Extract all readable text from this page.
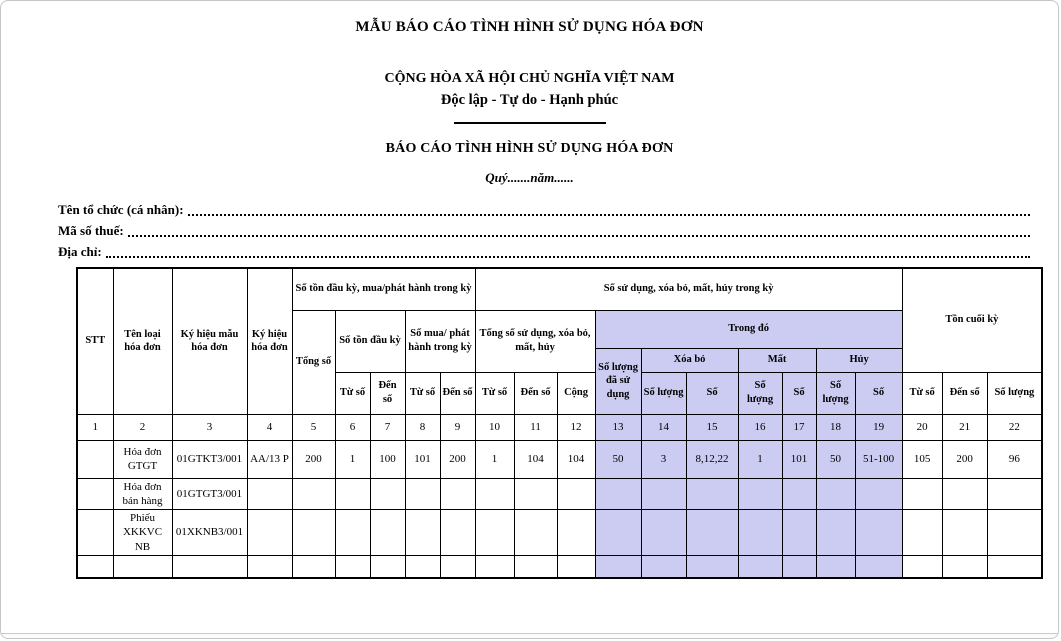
MẪU BÁO CÁO TÌNH HÌNH SỬ DỤNG HÓA ĐƠN
CỘNG HÒA XÃ HỘI CHỦ NGHĨA VIỆT NAM
Độc lập - Tự do - Hạnh phúc
BÁO CÁO TÌNH HÌNH SỬ DỤNG HÓA ĐƠN
Quý.......năm......
Tên tổ chức (cá nhân):
Mã số thuế:
Địa chỉ:
STT	Tên loại hóa đơn	Ký hiệu mẫu hóa đơn	Ký hiệu hóa đơn	Số tồn đầu kỳ, mua/phát hành trong kỳ					Số sử dụng, xóa bỏ, mất, hủy trong kỳ										Tồn cuối kỳ		
				Tổng số	Số tồn đầu kỳ		Số mua/ phát hành trong kỳ		Tổng số sử dụng, xóa bỏ, mất, hủy			Trong đó									
												Số lượng đã sử dụng	Xóa bỏ		Mất		Hủy				
					Từ số	Đến số	Từ số	Đến số	Từ số	Đến số	Cộng		Số lượng	Số	Số lượng	Số	Số lượng	Số	Từ số	Đến số	Số lượng
1	2	3	4	5	6	7	8	9	10	11	12	13	14	15	16	17	18	19	20	21	22
	Hóa đơn GTGT	01GTKT3/001	AA/13 P	200	1	100	101	200	1	104	104	50	3	8,12,22	1	101	50	51-100	105	200	96
	Hóa đơn bán hàng	01GTGT3/001																			
	Phiếu XKKVC NB	01XKNB3/001																			
